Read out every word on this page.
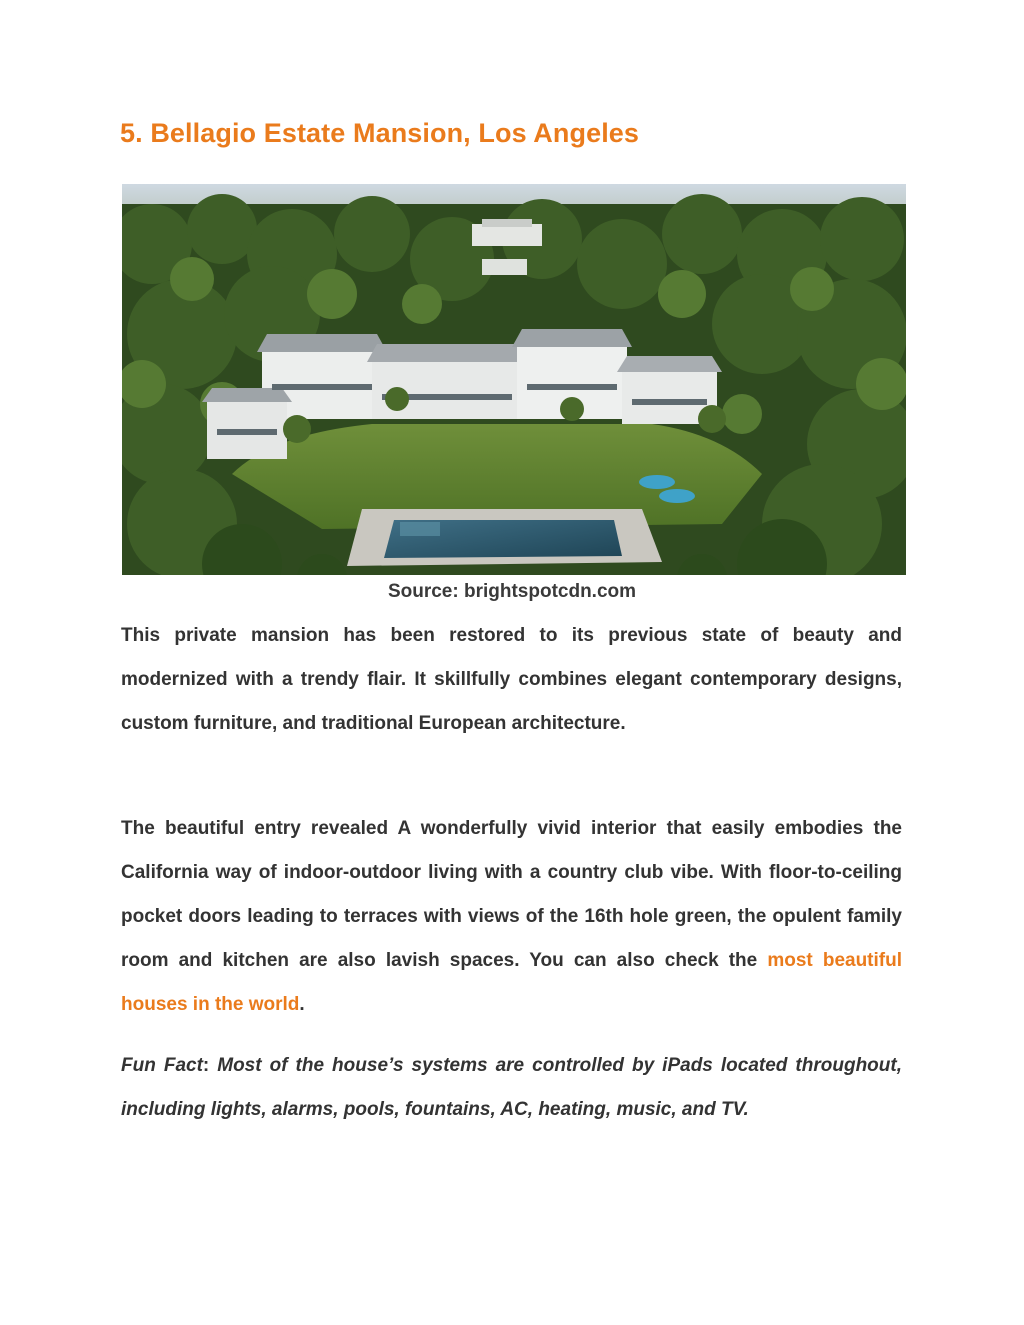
5. Bellagio Estate Mansion, Los Angeles
Source: brightspotcdn.com

This private mansion has been restored to its previous state of beauty and modernized with a trendy flair. It skillfully combines elegant contemporary designs, custom furniture, and traditional European architecture.

The beautiful entry revealed A wonderfully vivid interior that easily embodies the California way of indoor-outdoor living with a country club vibe. With floor-to-ceiling pocket doors leading to terraces with views of the 16th hole green, the opulent family room and kitchen are also lavish spaces. You can also check the most beautiful houses in the world.

Fun Fact: Most of the house’s systems are controlled by iPads located throughout, including lights, alarms, pools, fountains, AC, heating, music, and TV.
